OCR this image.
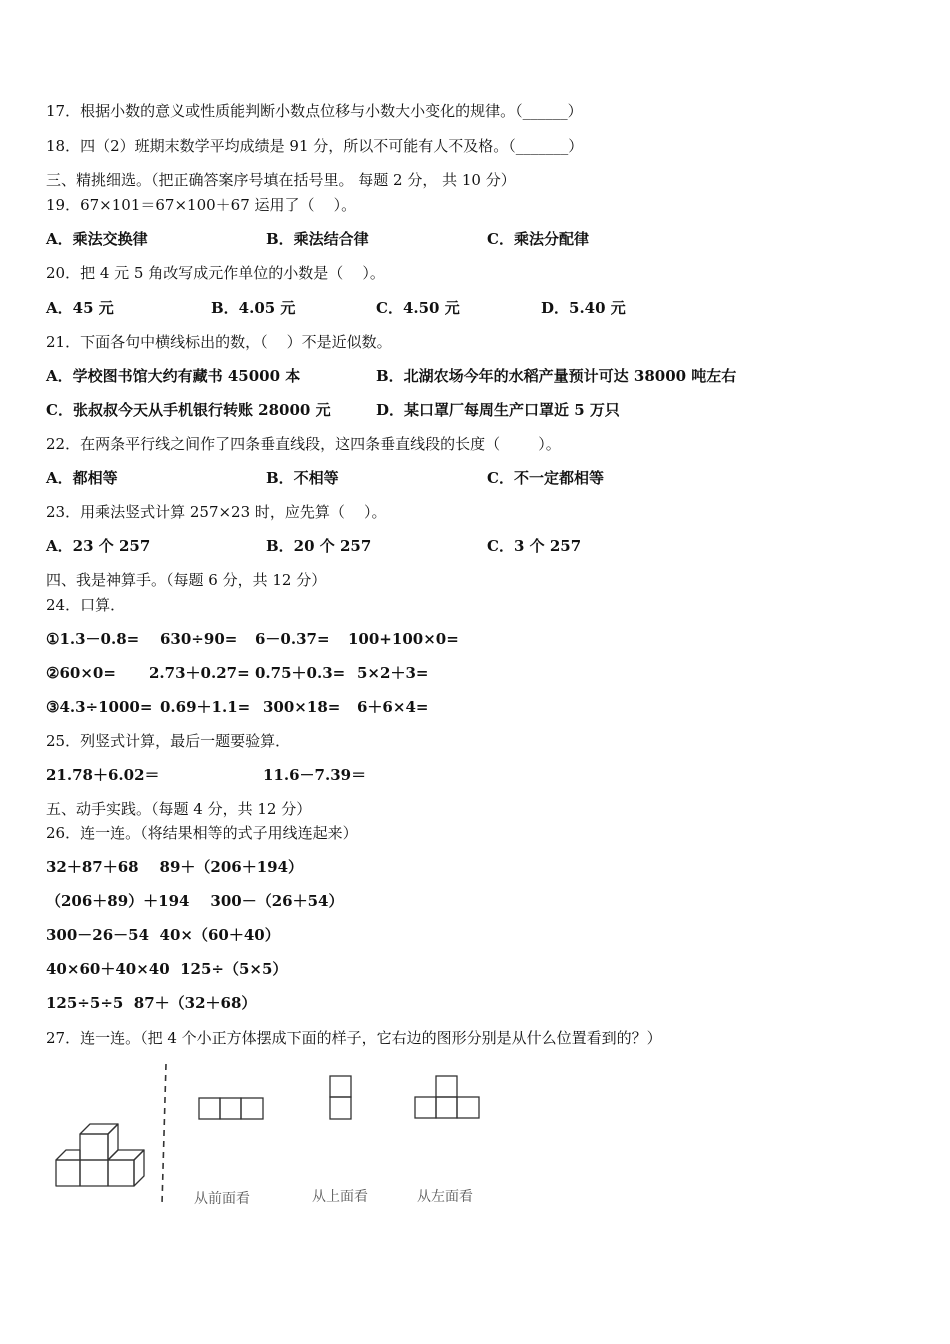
17．根据小数的意义或性质能判断小数点位移与小数大小变化的规律。（______）
18．四（2）班期末数学平均成绩是 91 分，所以不可能有人不及格。（_______）
三、精挑细选。（把正确答案序号填在括号里。 每题 2 分， 共 10 分）
19．67×101＝67×100＋67 运用了（    ）。
A．乘法交换律	B．乘法结合律	C．乘法分配律
20．把 4 元 5 角改写成元作单位的小数是（    ）。
A．45 元	B．4.05 元	C．4.50 元	D．5.40 元
21．下面各句中横线标出的数，（    ）不是近似数。
A．学校图书馆大约有藏书 45000 本	B．北湖农场今年的水稻产量预计可达 38000 吨左右
C．张叔叔今天从手机银行转账 28000 元	D．某口罩厂每周生产口罩近 5 万只
22．在两条平行线之间作了四条垂直线段，这四条垂直线段的长度（        ）。
A．都相等	B．不相等	C．不一定都相等
23．用乘法竖式计算 257×23 时，应先算（    ）。
A．23 个 257	B．20 个 257	C．3 个 257
四、我是神算手。（每题 6 分，共 12 分）
24．口算．
①1.3－0.8= 630÷90= 6－0.37= 100+100×0=
②60×0= 2.73＋0.27= 0.75＋0.3= 5×2＋3=
③4.3÷1000= 0.69＋1.1= 300×18= 6＋6×4=
25．列竖式计算，最后一题要验算．
21.78＋6.02＝	11.6－7.39＝
五、动手实践。（每题 4 分，共 12 分）
26．连一连。（将结果相等的式子用线连起来）
32＋87＋68    89＋（206＋194）
（206＋89）＋194    300－（26＋54）
300－26－54  40×（60＋40）
40×60＋40×40  125÷（5×5）
125÷5÷5  87＋（32＋68）
27．连一连。（把 4 个小正方体摆成下面的样子，它右边的图形分别是从什么位置看到的？）
从前面看	从上面看	从左面看
